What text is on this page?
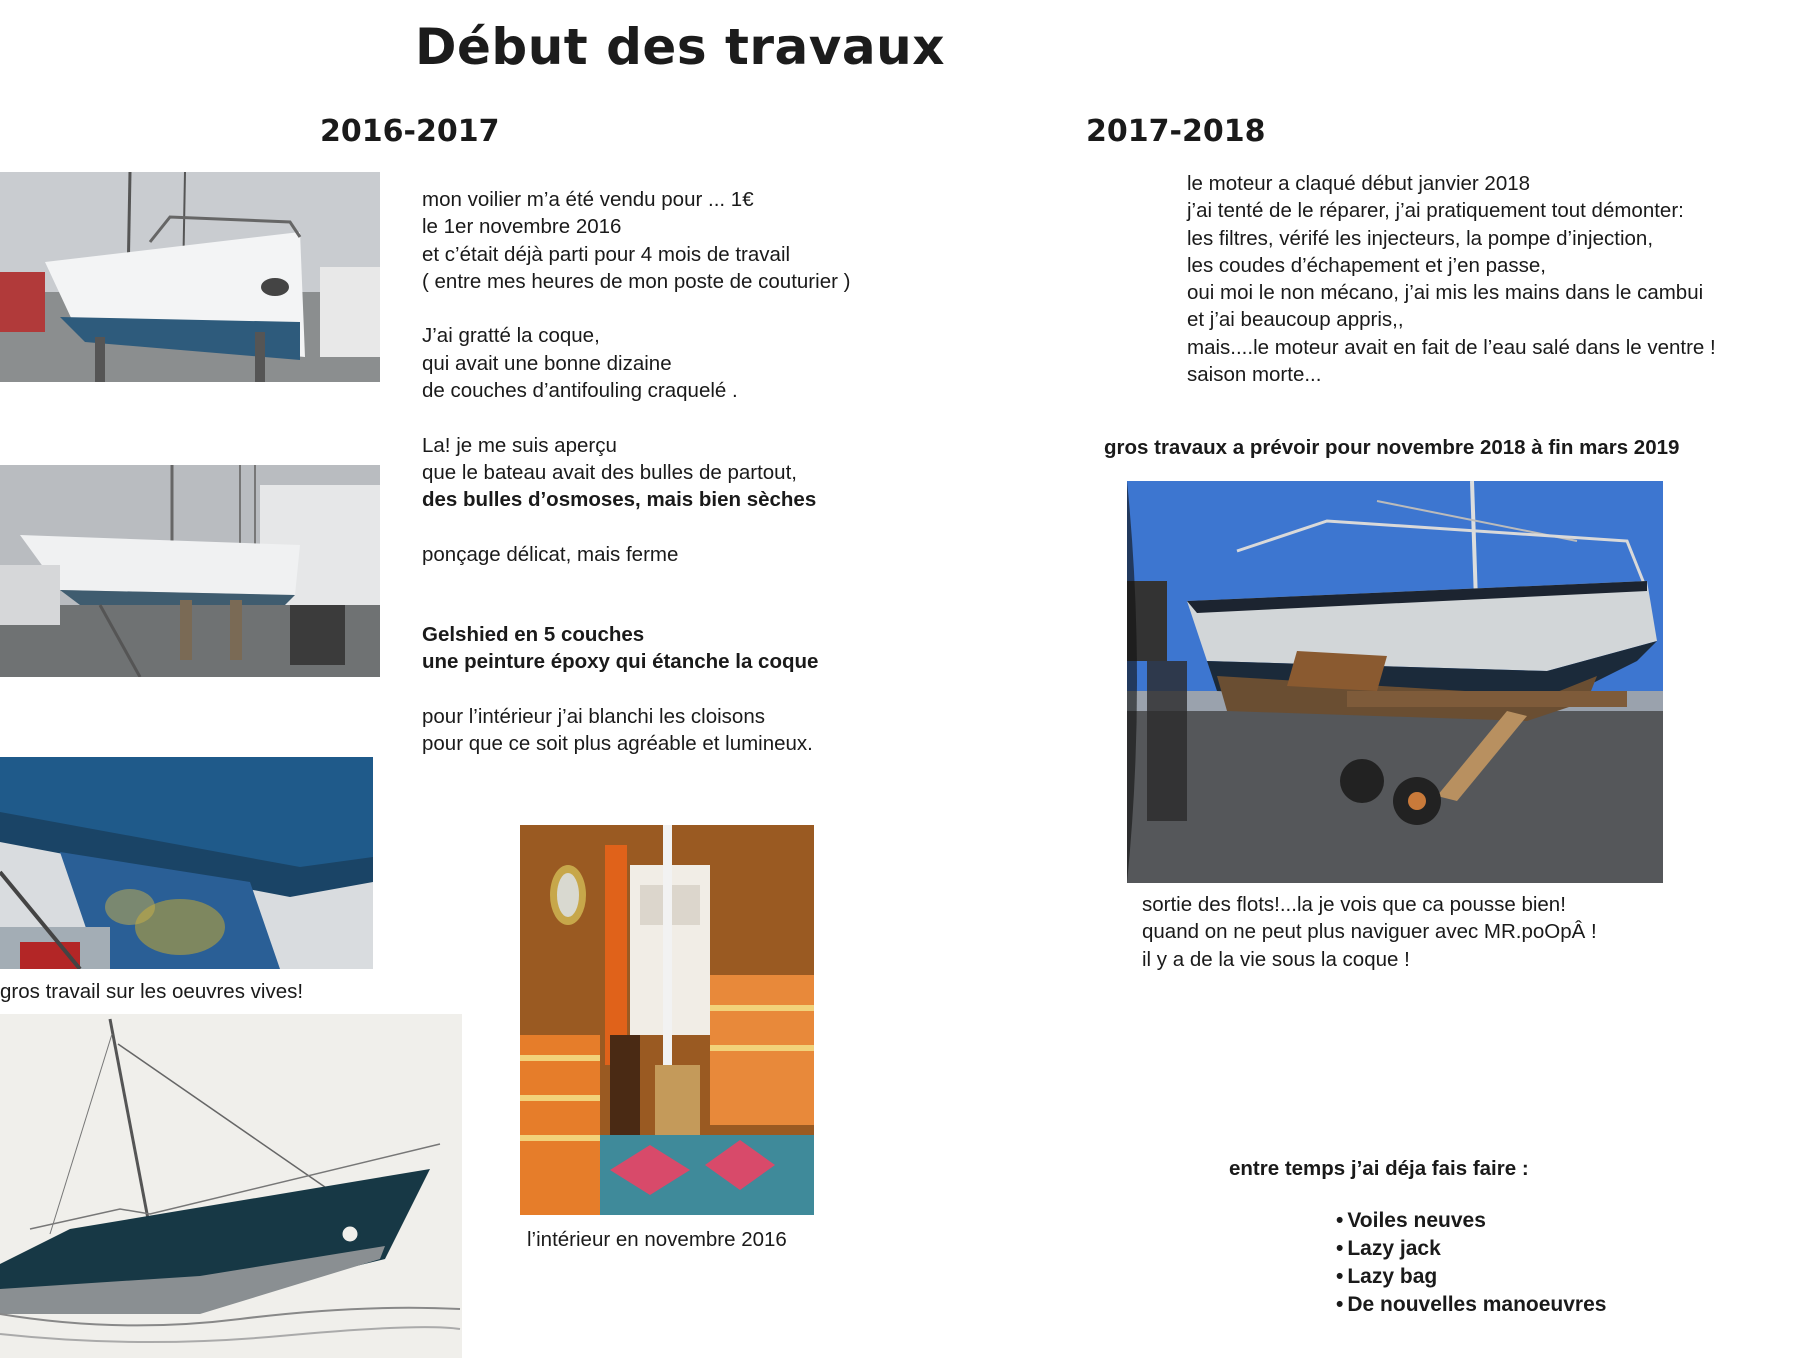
Début des travaux
2016-2017
gros travail sur les oeuvres vives!
l’intérieur en novembre 2016

mon voilier m’a été vendu pour ... 1€

le 1er novembre 2016

et c’était déjà parti pour 4 mois de travail

( entre mes heures de mon poste de couturier )

J’ai gratté la coque,

qui avait une bonne dizaine

de couches d’antifouling craquelé .

La! je me suis aperçu

que le bateau avait des bulles de partout,

des bulles d’osmoses, mais bien sèches

ponçage délicat, mais ferme

Gelshied en 5 couches

une peinture époxy qui étanche la coque

pour l’intérieur j’ai blanchi les cloisons

pour que ce soit plus agréable et lumineux.

2017-2018

le moteur a claqué début janvier 2018

j’ai tenté de le réparer, j’ai pratiquement tout démonter:

les filtres, vérifé les injecteurs, la pompe d’injection,

les coudes d’échapement et j’en passe,

oui moi le non mécano, j’ai mis les mains dans le cambui

et j’ai beaucoup appris,,

mais....le moteur avait en fait de l’eau salé dans le ventre !

saison morte...

gros travaux a prévoir pour novembre 2018 à fin mars 2019

sortie des flots!...la je vois que ca pousse bien!

quand on ne peut plus naviguer avec MR.poOpÂ !

il y a de la vie sous la coque !

entre temps j’ai déja fais faire :
• Voiles neuves
• Lazy jack
• Lazy bag
• De nouvelles manoeuvres
